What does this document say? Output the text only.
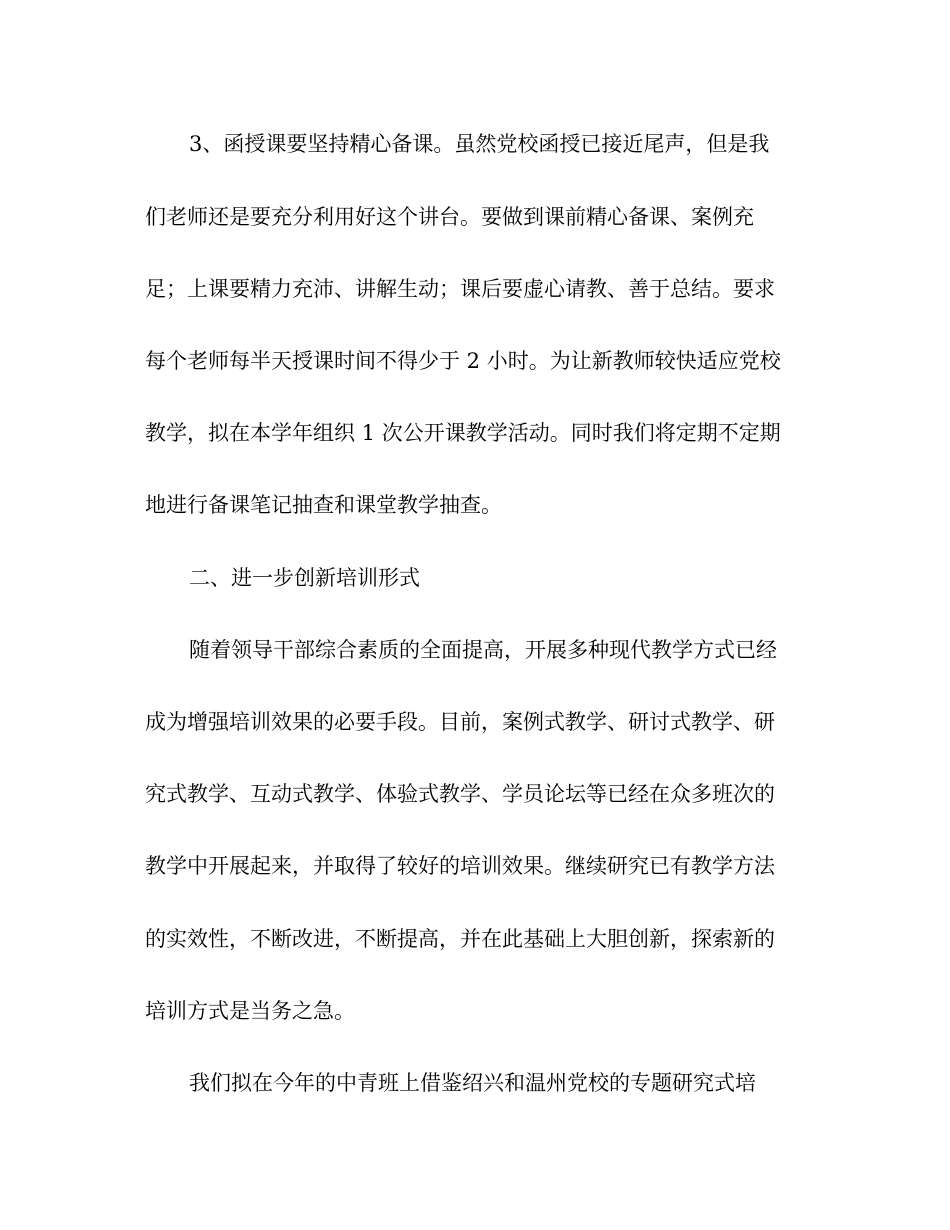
3、函授课要坚持精心备课。虽然党校函授已接近尾声，但是我
们老师还是要充分利用好这个讲台。要做到课前精心备课、案例充
足；上课要精力充沛、讲解生动；课后要虚心请教、善于总结。要求
每个老师每半天授课时间不得少于 2 小时。为让新教师较快适应党校
教学，拟在本学年组织 1 次公开课教学活动。同时我们将定期不定期
地进行备课笔记抽查和课堂教学抽查。
二、进一步创新培训形式
随着领导干部综合素质的全面提高，开展多种现代教学方式已经
成为增强培训效果的必要手段。目前，案例式教学、研讨式教学、研
究式教学、互动式教学、体验式教学、学员论坛等已经在众多班次的
教学中开展起来，并取得了较好的培训效果。继续研究已有教学方法
的实效性，不断改进，不断提高，并在此基础上大胆创新，探索新的
培训方式是当务之急。
我们拟在今年的中青班上借鉴绍兴和温州党校的专题研究式培
